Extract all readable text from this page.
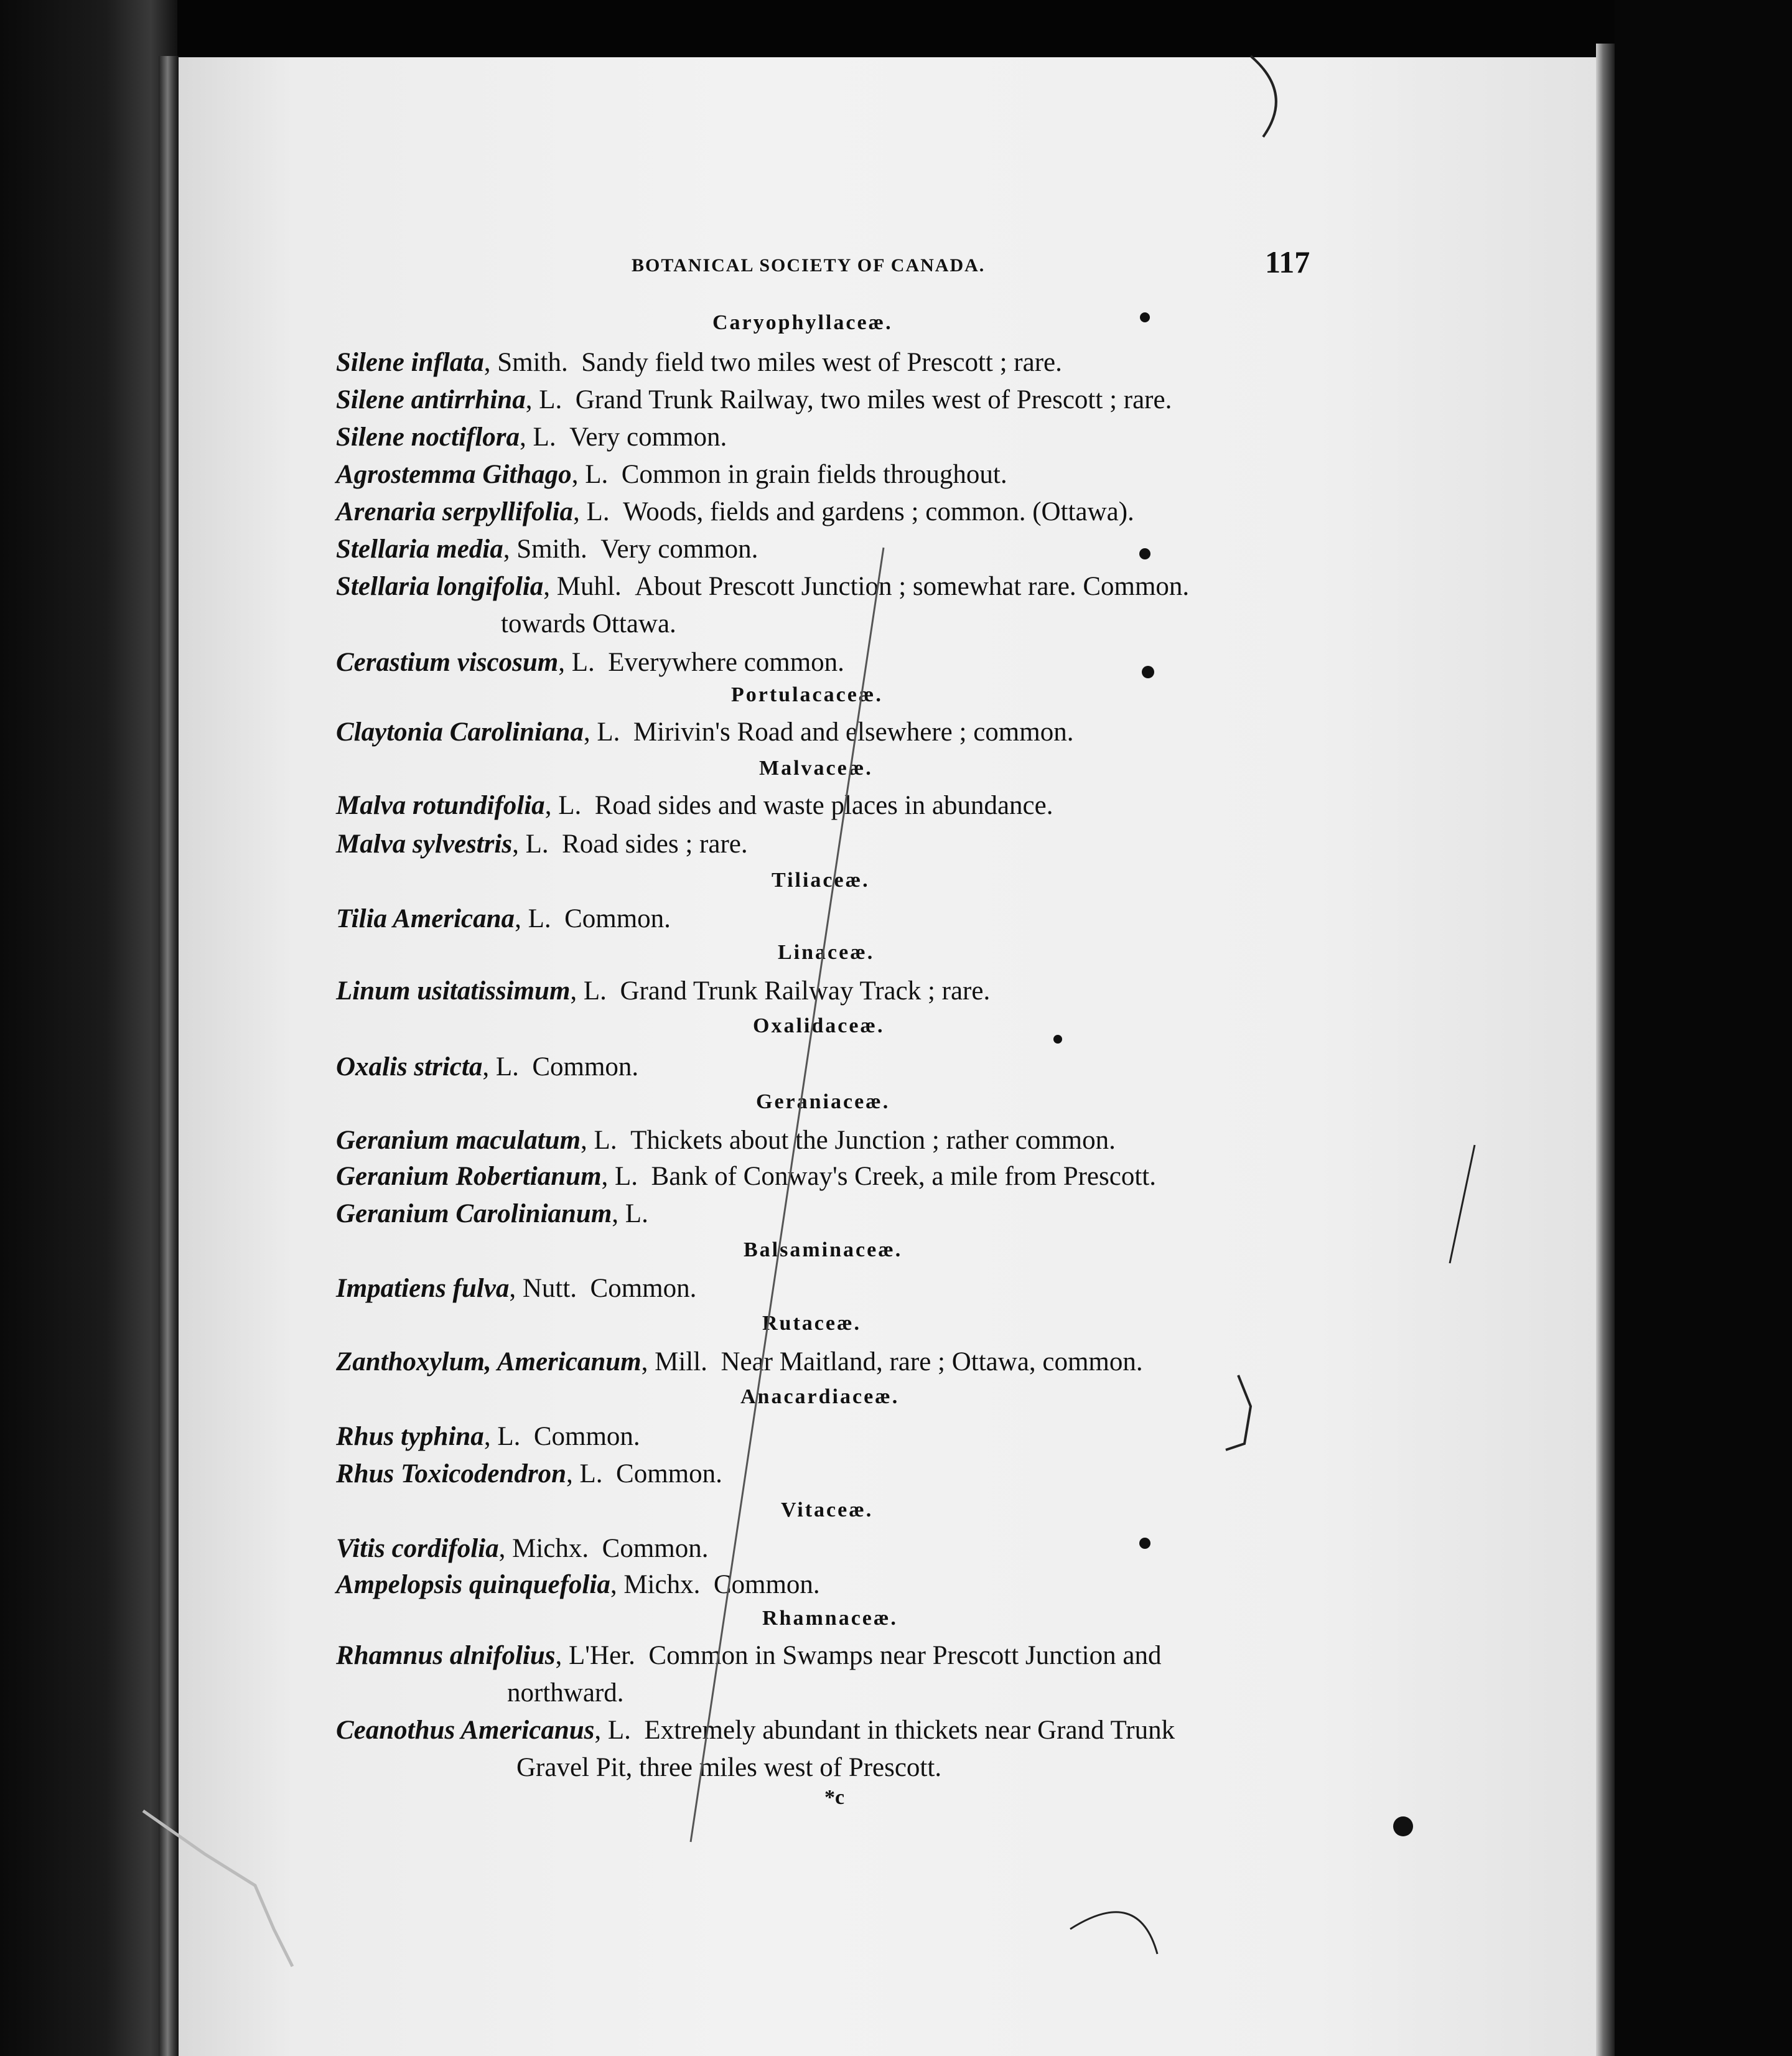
BOTANICAL SOCIETY OF CANADA.	117
Caryophyllaceæ.
Silene inflata, Smith. Sandy field two miles west of Prescott ; rare.
Silene antirrhina, L. Grand Trunk Railway, two miles west of Prescott ; rare.
Silene noctiflora, L. Very common.
Agrostemma Githago, L. Common in grain fields throughout.
Arenaria serpyllifolia, L. Woods, fields and gardens ; common. (Ottawa).
Stellaria media, Smith. Very common.
Stellaria longifolia, Muhl. About Prescott Junction ; somewhat rare. Common.
towards Ottawa.
Cerastium viscosum, L. Everywhere common.
Portulacaceæ.
Claytonia Caroliniana, L. Mirivin's Road and elsewhere ; common.
Malvaceæ.
Malva rotundifolia, L. Road sides and waste places in abundance.
Malva sylvestris, L. Road sides ; rare.
Tiliaceæ.
Tilia Americana, L. Common.
Linaceæ.
Linum usitatissimum, L. Grand Trunk Railway Track ; rare.
Oxalidaceæ.
Oxalis stricta, L. Common.
Geraniaceæ.
Geranium maculatum, L. Thickets about the Junction ; rather common.
Geranium Robertianum, L. Bank of Conway's Creek, a mile from Prescott.
Geranium Carolinianum, L.
Balsaminaceæ.
Impatiens fulva, Nutt. Common.
Rutaceæ.
Zanthoxylum, Americanum, Mill. Near Maitland, rare ; Ottawa, common.
Anacardiaceæ.
Rhus typhina, L. Common.
Rhus Toxicodendron, L. Common.
Vitaceæ.
Vitis cordifolia, Michx. Common.
Ampelopsis quinquefolia, Michx. Common.
Rhamnaceæ.
Rhamnus alnifolius, L'Her. Common in Swamps near Prescott Junction and
northward.
Ceanothus Americanus, L. Extremely abundant in thickets near Grand Trunk
Gravel Pit, three miles west of Prescott.
*c
